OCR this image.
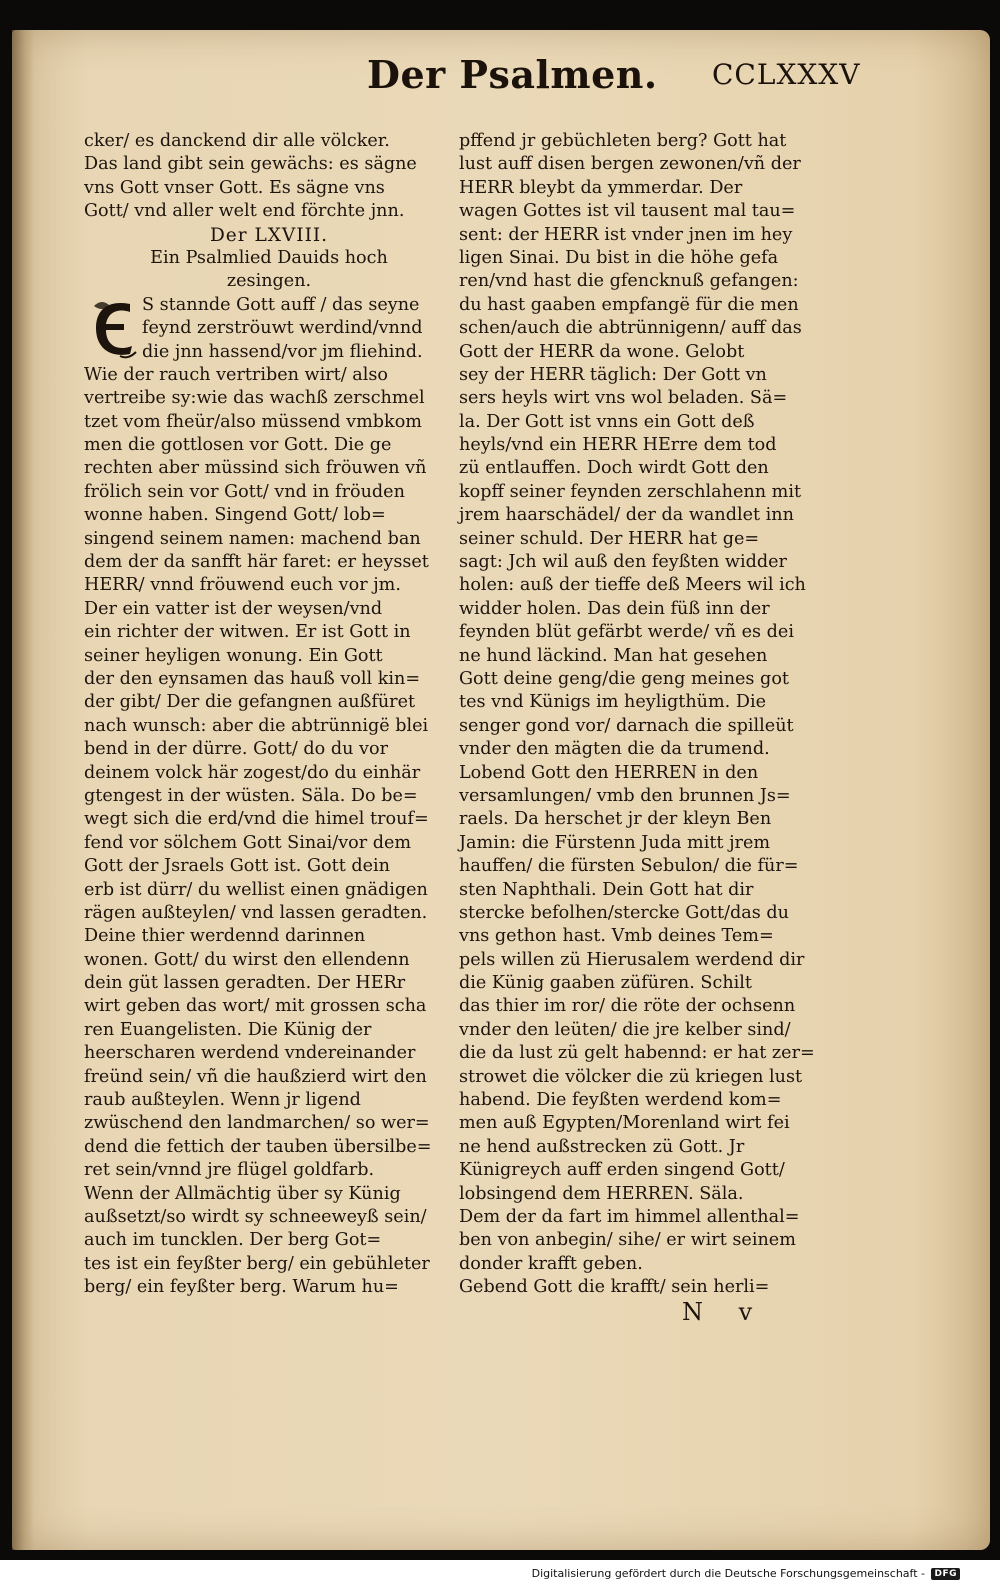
Der Psalmen. CCLXXXV
cker/ es danckend dir alle völcker.
Das land gibt sein gewächs: es sägne
vns Gott vnser Gott. Es sägne vns
Gott/ vnd aller welt end förchte jnn.
Der LXVIII.
Ein Psalmlied Dauids hoch
zesingen.
S stannde Gott auff / das seyne
feynd zerströuwt werdind/vnnd
die jnn hassend/vor jm fliehind.
Wie der rauch vertriben wirt/ also
vertreibe sy:wie das wachß zerschmel
tzet vom fheür/also müssend vmbkom
men die gottlosen vor Gott. Die ge
rechten aber müssind sich fröuwen vñ
frölich sein vor Gott/ vnd in fröuden
wonne haben. Singend Gott/ lob=
singend seinem namen: machend ban
dem der da sanfft här faret: er heysset
HERR/ vnnd fröuwend euch vor jm.
Der ein vatter ist der weysen/vnd
ein richter der witwen. Er ist Gott in
seiner heyligen wonung. Ein Gott
der den eynsamen das hauß voll kin=
der gibt/ Der die gefangnen außfüret
nach wunsch: aber die abtrünnigë blei
bend in der dürre. Gott/ do du vor
deinem volck här zogest/do du einhär
gtengest in der wüsten. Säla. Do be=
wegt sich die erd/vnd die himel trouf=
fend vor sölchem Gott Sinai/vor dem
Gott der Jsraels Gott ist. Gott dein
erb ist dürr/ du wellist einen gnädigen
rägen außteylen/ vnd lassen geradten.
Deine thier werdennd darinnen
wonen. Gott/ du wirst den ellendenn
dein güt lassen geradten. Der HERr
wirt geben das wort/ mit grossen scha
ren Euangelisten. Die Künig der
heerscharen werdend vndereinander
freünd sein/ vñ die haußzierd wirt den
raub außteylen. Wenn jr ligend
zwüschend den landmarchen/ so wer=
dend die fettich der tauben übersilbe=
ret sein/vnnd jre flügel goldfarb.
Wenn der Allmächtig über sy Künig
außsetzt/so wirdt sy schneeweyß sein/
auch im tuncklen. Der berg Got=
tes ist ein feyßter berg/ ein gebühleter
berg/ ein feyßter berg. Warum hu=
pffend jr gebüchleten berg? Gott hat
lust auff disen bergen zewonen/vñ der
HERR bleybt da ymmerdar. Der
wagen Gottes ist vil tausent mal tau=
sent: der HERR ist vnder jnen im hey
ligen Sinai. Du bist in die höhe gefa
ren/vnd hast die gfencknuß gefangen:
du hast gaaben empfangë für die men
schen/auch die abtrünnigenn/ auff das
Gott der HERR da wone. Gelobt
sey der HERR täglich: Der Gott vn
sers heyls wirt vns wol beladen. Sä=
la. Der Gott ist vnns ein Gott deß
heyls/vnd ein HERR HErre dem tod
zü entlauffen. Doch wirdt Gott den
kopff seiner feynden zerschlahenn mit
jrem haarschädel/ der da wandlet inn
seiner schuld. Der HERR hat ge=
sagt: Jch wil auß den feyßten widder
holen: auß der tieffe deß Meers wil ich
widder holen. Das dein füß inn der
feynden blüt gefärbt werde/ vñ es dei
ne hund läckind. Man hat gesehen
Gott deine geng/die geng meines got
tes vnd Künigs im heyligthüm. Die
senger gond vor/ darnach die spilleüt
vnder den mägten die da trumend.
Lobend Gott den HERREN in den
versamlungen/ vmb den brunnen Js=
raels. Da herschet jr der kleyn Ben
Jamin: die Fürstenn Juda mitt jrem
hauffen/ die fürsten Sebulon/ die für=
sten Naphthali. Dein Gott hat dir
stercke befolhen/stercke Gott/das du
vns gethon hast. Vmb deines Tem=
pels willen zü Hierusalem werdend dir
die Künig gaaben züfüren. Schilt
das thier im ror/ die röte der ochsenn
vnder den leüten/ die jre kelber sind/
die da lust zü gelt habennd: er hat zer=
strowet die völcker die zü kriegen lust
habend. Die feyßten werdend kom=
men auß Egypten/Morenland wirt fei
ne hend außstrecken zü Gott. Jr
Künigreych auff erden singend Gott/
lobsingend dem HERREN. Säla.
Dem der da fart im himmel allenthal=
ben von anbegin/ sihe/ er wirt seinem
donder krafft geben.
Gebend Gott die krafft/ sein herli=
N v
Digitalisierung gefördert durch die Deutsche Forschungsgemeinschaft - DFG
